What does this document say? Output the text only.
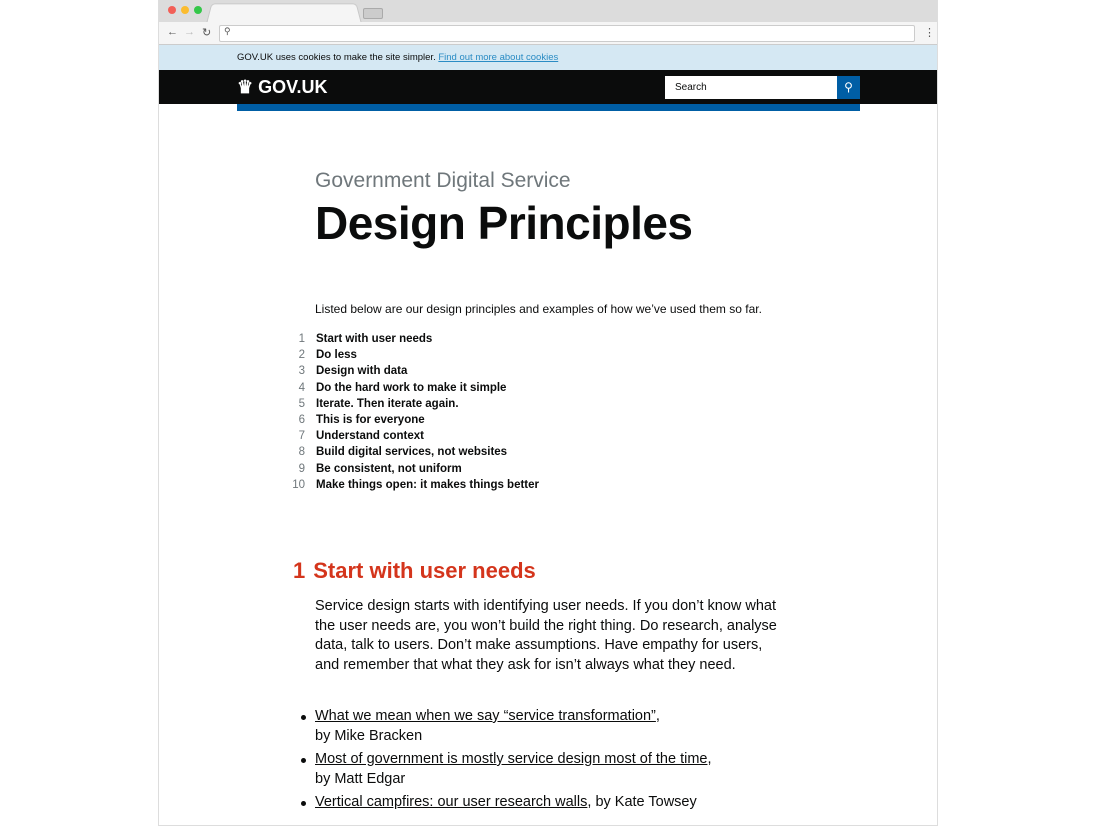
← → ↻ ⚲	⋮
GOV.UK uses cookies to make the site simpler. Find out more about cookies
♛ GOV.UK	Search	⚲
Government Digital Service
Design Principles

Listed below are our design principles and examples of how we’ve used them so far.

1 Start with user needs
2 Do less
3 Design with data
4 Do the hard work to make it simple
5 Iterate. Then iterate again.
6 This is for everyone
7 Understand context
8 Build digital services, not websites
9 Be consistent, not uniform
10 Make things open: it makes things better
1 Start with user needs

Service design starts with identifying user needs. If you don’t know what the user needs are, you won’t build the right thing. Do research, analyse data, talk to users. Don’t make assumptions. Have empathy for users, and remember that what they ask for isn’t always what they need.

What we mean when we say “service transformation”,
by Mike Bracken
Most of government is mostly service design most of the time,
by Matt Edgar
Vertical campfires: our user research walls, by Kate Towsey
